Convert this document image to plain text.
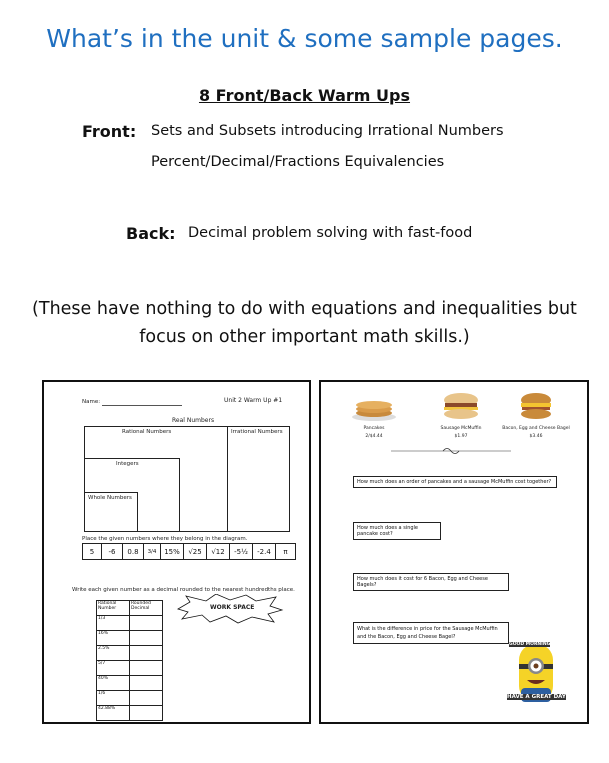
What’s in the unit & some sample pages.
8 Front/Back Warm Ups
Front: Sets and Subsets introducing Irrational Numbers
Percent/Decimal/Fractions Equivalencies
Back: Decimal problem solving with fast-food
(These have nothing to do with equations and inequalities but focus on other important math skills.)
Name:	Unit 2 Warm Up #1
Real Numbers
Rational Numbers	Irrational Numbers
Integers
Whole Numbers
Place the given numbers where they belong in the diagram.
5	-6	0.8	3/4	15%	√25	√12	-5½	-2.4	π
Write each given number as a decimal rounded to the nearest hundredths place.
Rational Number	Rounded Decimal
1/3	
16%	
2.5%	
5/7	
40%	
1/6	
42.88%	
WORK SPACE
Pancakes
2/$4.44
Sausage McMuffin
$1.97
Bacon, Egg and Cheese Bagel
$3.46
How much does an order of pancakes and a sausage McMuffin cost together?
How much does a single pancake cost?
How much does it cost for 6 Bacon, Egg and Cheese Bagels?
What is the difference in price for the Sausage McMuffin and the Bacon, Egg and Cheese Bagel?
GOOD MORNING
HAVE A GREAT DAY
